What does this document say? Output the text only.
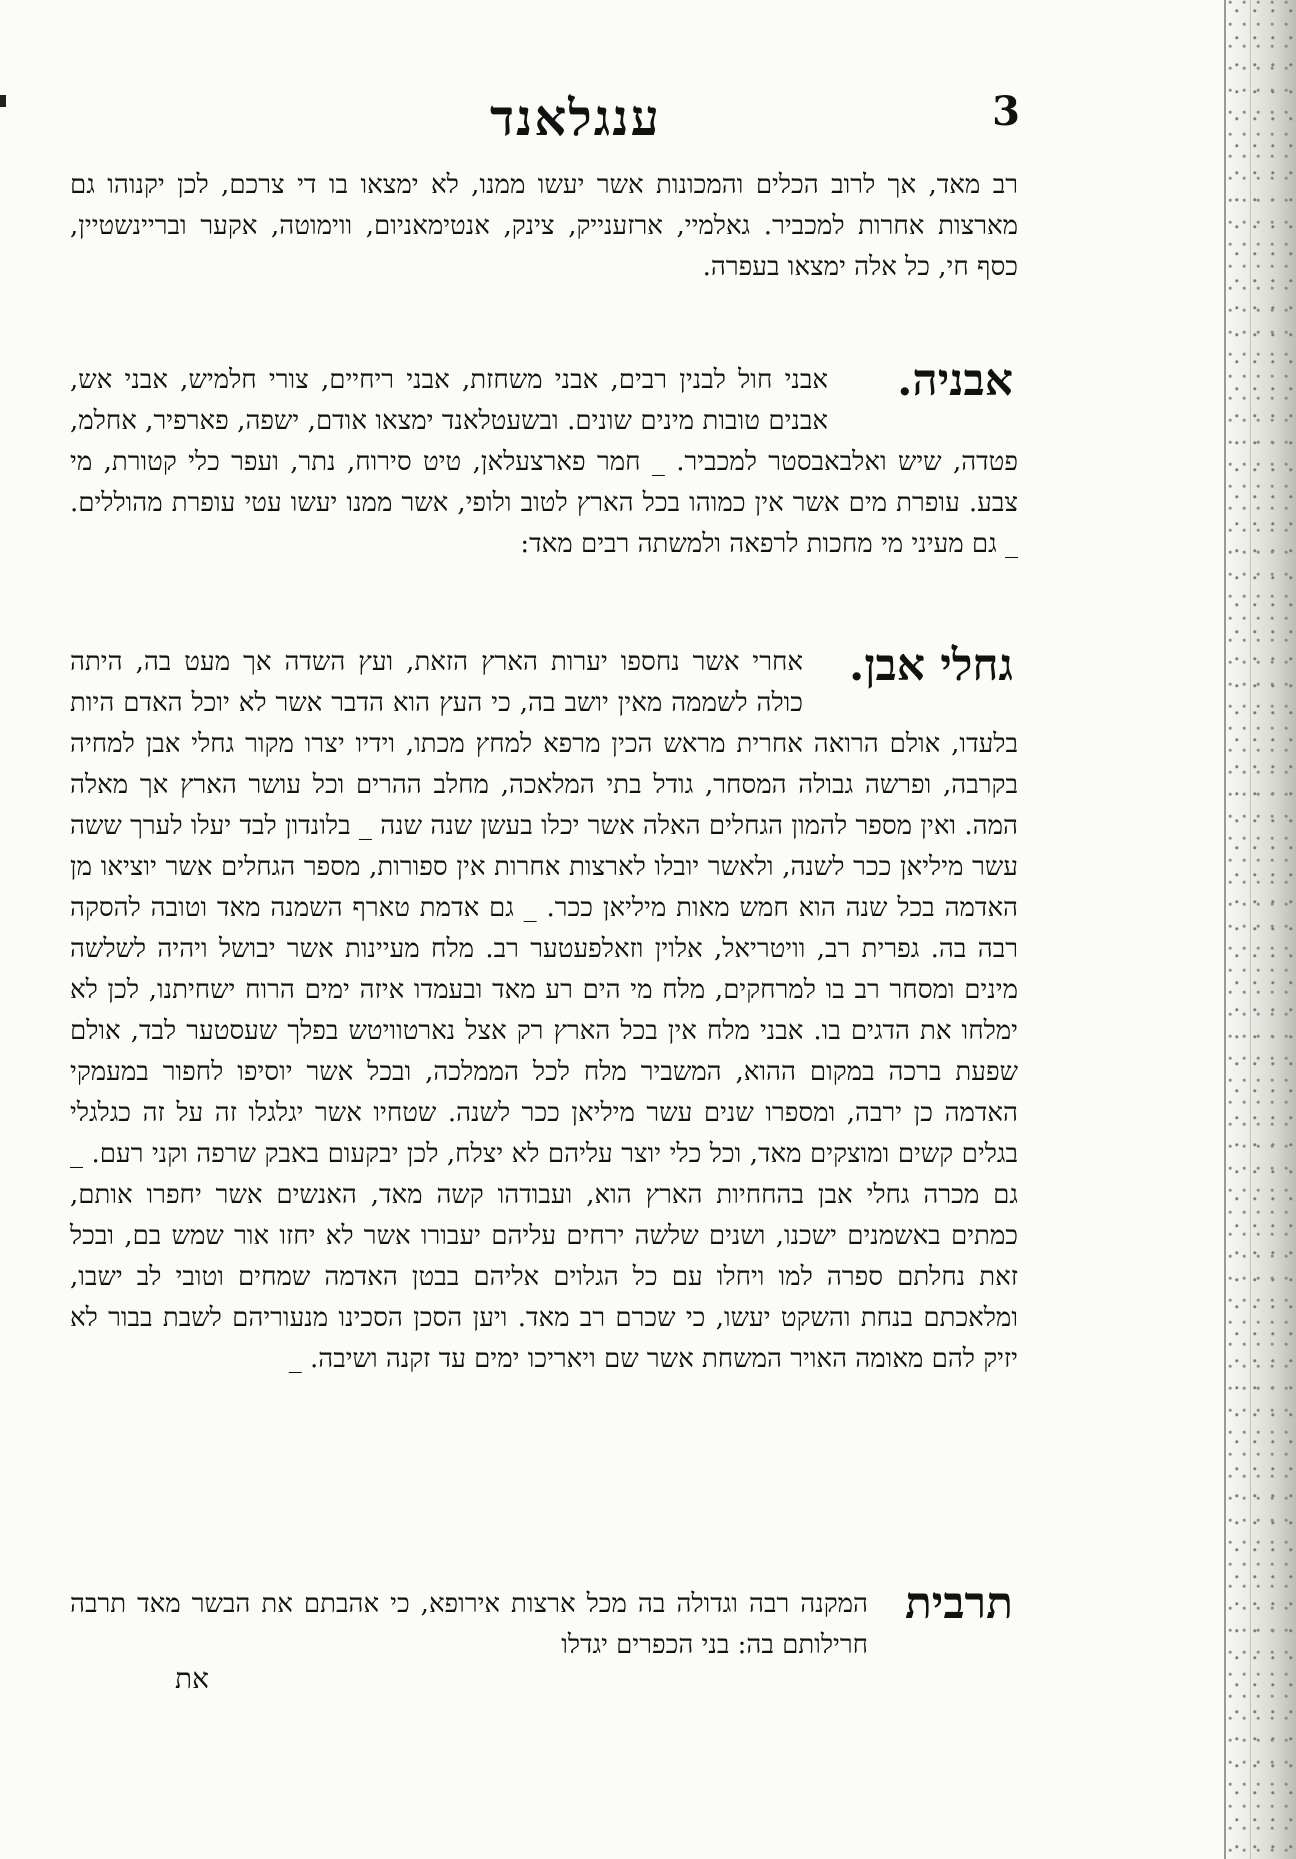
ענגלאנד	3
רב מאד, אך לרוב הכלים והמכונות אשר יעשו ממנו, לא ימצאו בו די צרכם, לכן יקנוהו גם מארצות אחרות למכביר. גאלמיי, ארזענייק, צינק, אנטימאניום, ווימוטה, אקער ובריינשטיין, כסף חי, כל אלה ימצאו בעפרה.
אבניה.
אבני חול לבנין רבים, אבני משחזת, אבני ריחיים, צורי חלמיש, אבני אש, אבנים טובות מינים שונים. ובשעטלאנד ימצאו אודם, ישפה, פארפיר, אחלמ, פטדה, שיש ואלבאבסטר למכביר. _ חמר פארצעלאן, טיט סירוח, נתר, ועפר כלי קטורת, מי צבע. עופרת מים אשר אין כמוהו בכל הארץ לטוב ולופי, אשר ממנו יעשו עטי עופרת מהוללים. _ גם מעיני מי מחכות לרפאה ולמשתה רבים מאד:
גחלי אבן.
אחרי אשר נחספו יערות הארץ הזאת, ועץ השדה אך מעט בה, היתה כולה לשממה מאין יושב בה, כי העץ הוא הדבר אשר לא יוכל האדם היות בלעדו, אולם הרואה אחרית מראש הכין מרפא למחץ מכתו, וידיו יצרו מקור גחלי אבן למחיה בקרבה, ופרשה גבולה המסחר, גודל בתי המלאכה, מחלב ההרים וכל עושר הארץ אך מאלה המה. ואין מספר להמון הגחלים האלה אשר יכלו בעשן שנה שנה _ בלונדון לבד יעלו לערך ששה עשר מיליאן ככר לשנה, ולאשר יובלו לארצות אחרות אין ספורות, מספר הגחלים אשר יוציאו מן האדמה בכל שנה הוא חמש מאות מיליאן ככר. _ גם אדמת טארף השמנה מאד וטובה להסקה רבה בה. גפרית רב, וויטריאל, אלוין וזאלפעטער רב. מלח מעיינות אשר יבושל ויהיה לשלשה מינים ומסחר רב בו למרחקים, מלח מי הים רע מאד ובעמדו איזה ימים הרוח ישחיתנו, לכן לא ימלחו את הדגים בו. אבני מלח אין בכל הארץ רק אצל נארטוויטש בפלך שעסטער לבד, אולם שפעת ברכה במקום ההוא, המשביר מלח לכל הממלכה, ובכל אשר יוסיפו לחפור במעמקי האדמה כן ירבה, ומספרו שנים עשר מיליאן ככר לשנה. שטחיו אשר יגלגלו זה על זה כגלגלי בגלים קשים ומוצקים מאד, וכל כלי יוצר עליהם לא יצלח, לכן יבקעום באבק שרפה וקני רעם. _ גם מכרה גחלי אבן בהחחיות הארץ הוא, ועבודהו קשה מאד, האנשים אשר יחפרו אותם, כמתים באשמנים ישכנו, ושנים שלשה ירחים עליהם יעבורו אשר לא יחזו אור שמש בם, ובכל זאת נחלתם ספרה למו ויחלו עם כל הגלוים אליהם בבטן האדמה שמחים וטובי לב ישבו, ומלאכתם בנחת והשקט יעשו, כי שכרם רב מאד. ויען הסכן הסכינו מנעוריהם לשבת בבור לא יזיק להם מאומה האויר המשחת אשר שם ויאריכו ימים עד זקנה ושיבה. _
תרבית
המקנה רבה וגדולה בה מכל ארצות אירופא, כי אהבתם את הבשר מאד תרבה חרילותם בה: בני הכפרים יגדלו
את
